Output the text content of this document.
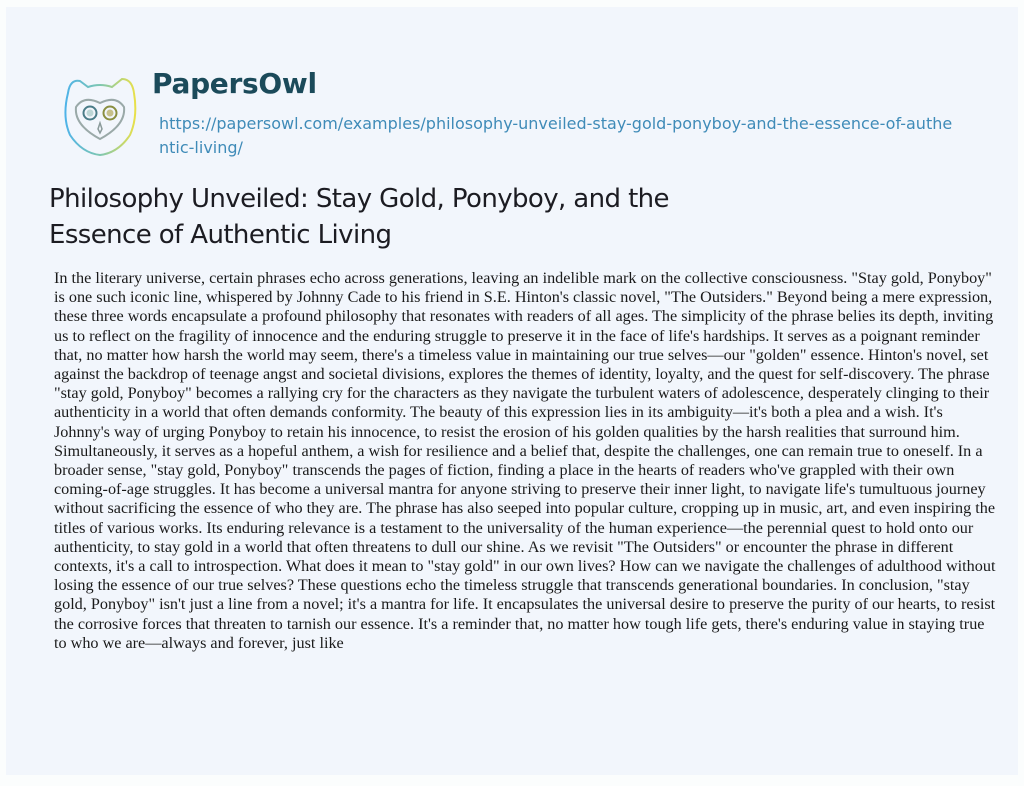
PapersOwl
https://papersowl.com/examples/philosophy-unveiled-stay-gold-ponyboy-and-the-essence-of-authentic-living/
Philosophy Unveiled: Stay Gold, Ponyboy, and the Essence of Authentic Living

In the literary universe, certain phrases echo across generations, leaving an indelible mark on the collective consciousness. "Stay gold, Ponyboy" is one such iconic line, whispered by Johnny Cade to his friend in S.E. Hinton's classic novel, "The Outsiders." Beyond being a mere expression, these three words encapsulate a profound philosophy that resonates with readers of all ages. The simplicity of the phrase belies its depth, inviting us to reflect on the fragility of innocence and the enduring struggle to preserve it in the face of life's hardships. It serves as a poignant reminder that, no matter how harsh the world may seem, there's a timeless value in maintaining our true selves—our "golden" essence. Hinton's novel, set against the backdrop of teenage angst and societal divisions, explores the themes of identity, loyalty, and the quest for self-discovery. The phrase "stay gold, Ponyboy" becomes a rallying cry for the characters as they navigate the turbulent waters of adolescence, desperately clinging to their authenticity in a world that often demands conformity. The beauty of this expression lies in its ambiguity—it's both a plea and a wish. It's Johnny's way of urging Ponyboy to retain his innocence, to resist the erosion of his golden qualities by the harsh realities that surround him. Simultaneously, it serves as a hopeful anthem, a wish for resilience and a belief that, despite the challenges, one can remain true to oneself. In a broader sense, "stay gold, Ponyboy" transcends the pages of fiction, finding a place in the hearts of readers who've grappled with their own coming-of-age struggles. It has become a universal mantra for anyone striving to preserve their inner light, to navigate life's tumultuous journey without sacrificing the essence of who they are. The phrase has also seeped into popular culture, cropping up in music, art, and even inspiring the titles of various works. Its enduring relevance is a testament to the universality of the human experience—the perennial quest to hold onto our authenticity, to stay gold in a world that often threatens to dull our shine. As we revisit "The Outsiders" or encounter the phrase in different contexts, it's a call to introspection. What does it mean to "stay gold" in our own lives? How can we navigate the challenges of adulthood without losing the essence of our true selves? These questions echo the timeless struggle that transcends generational boundaries. In conclusion, "stay gold, Ponyboy" isn't just a line from a novel; it's a mantra for life. It encapsulates the universal desire to preserve the purity of our hearts, to resist the corrosive forces that threaten to tarnish our essence. It's a reminder that, no matter how tough life gets, there's enduring value in staying true to who we are—always and forever, just like
